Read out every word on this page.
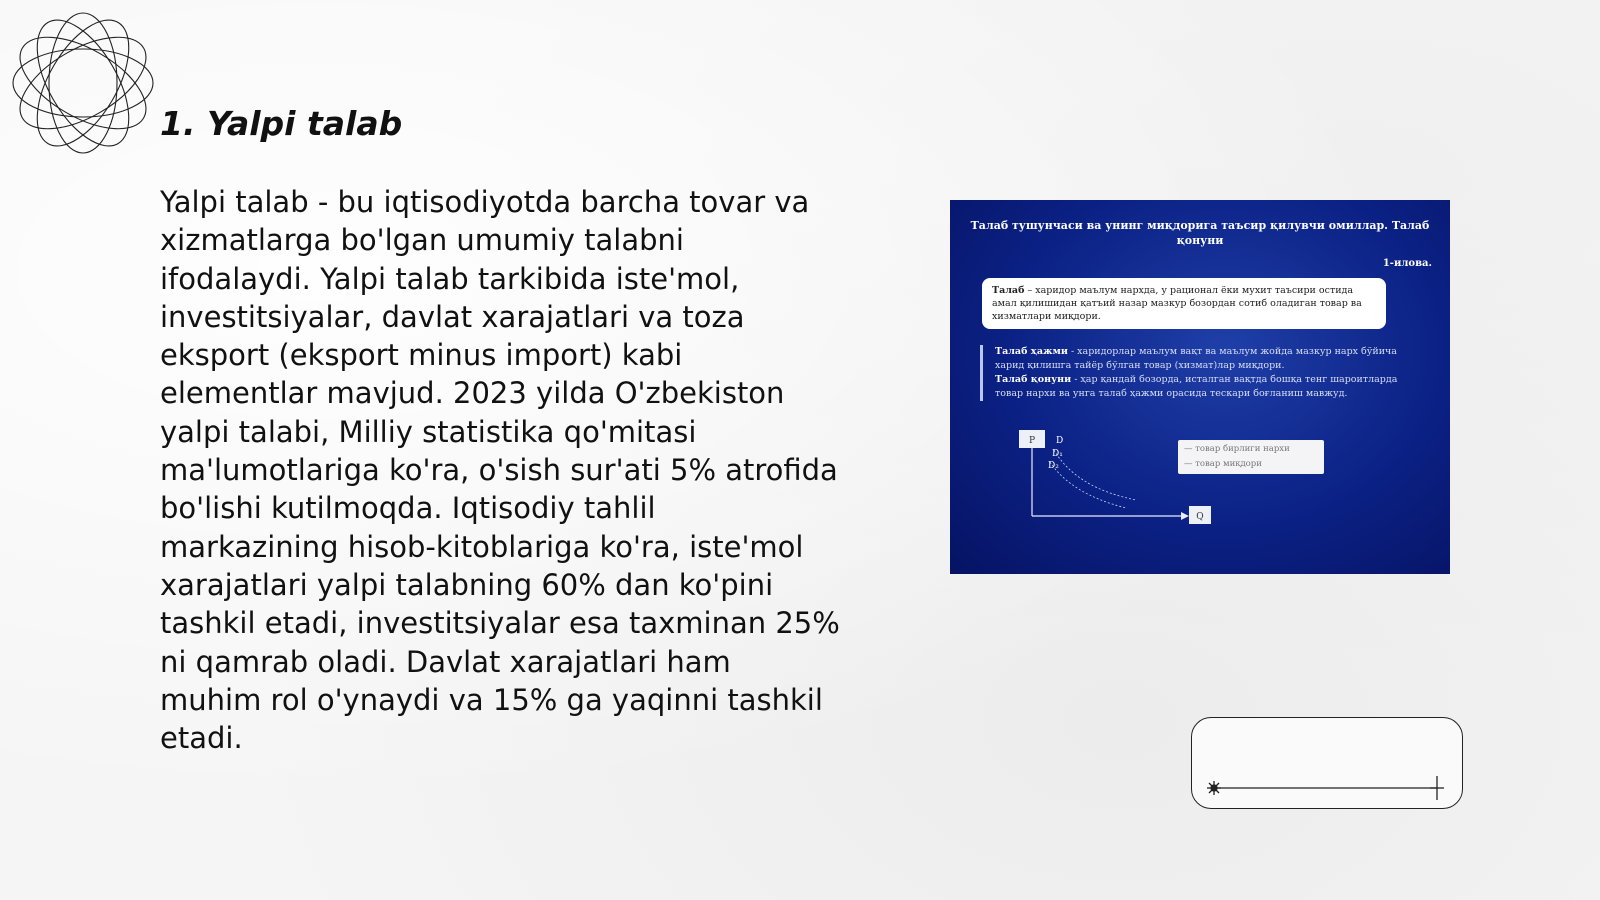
1. Yalpi talab

Yalpi talab - bu iqtisodiyotda barcha tovar va xizmatlarga bo'lgan umumiy talabni ifodalaydi. Yalpi talab tarkibida iste'mol, investitsiyalar, davlat xarajatlari va toza eksport (eksport minus import) kabi elementlar mavjud. 2023 yilda O'zbekiston yalpi talabi, Milliy statistika qo'mitasi ma'lumotlariga ko'ra, o'sish sur'ati 5% atrofida bo'lishi kutilmoqda. Iqtisodiy tahlil markazining hisob-kitoblariga ko'ra, iste'mol xarajatlari yalpi talabning 60% dan ko'pini tashkil etadi, investitsiyalar esa taxminan 25% ni qamrab oladi. Davlat xarajatlari ham muhim rol o'ynaydi va 15% ga yaqinni tashkil etadi.

Талаб тушунчаси ва унинг миқдорига таъсир қилувчи омиллар. Талаб қонуни

1-илова.
Талаб – харидор маълум нархда, у рационал ёки мухит таъсири остида амал қилишидан қатъий назар мазкур бозордан сотиб оладиган товар ва хизматлари миқдори.
Талаб ҳажми - харидорлар маълум вақт ва маълум жойда мазкур нарх бўйича харид қилишга тайёр бўлган товар (хизмат)лар миқдори.
Талаб қонуни - ҳар қандай бозорда, исталган вақтда бошқа тенг шароитларда товар нархи ва унга талаб ҳажми орасида тескари боғланиш мавжуд.
P
Q
D
D₁
D₂
— товар бирлиги нархи
— товар миқдори
